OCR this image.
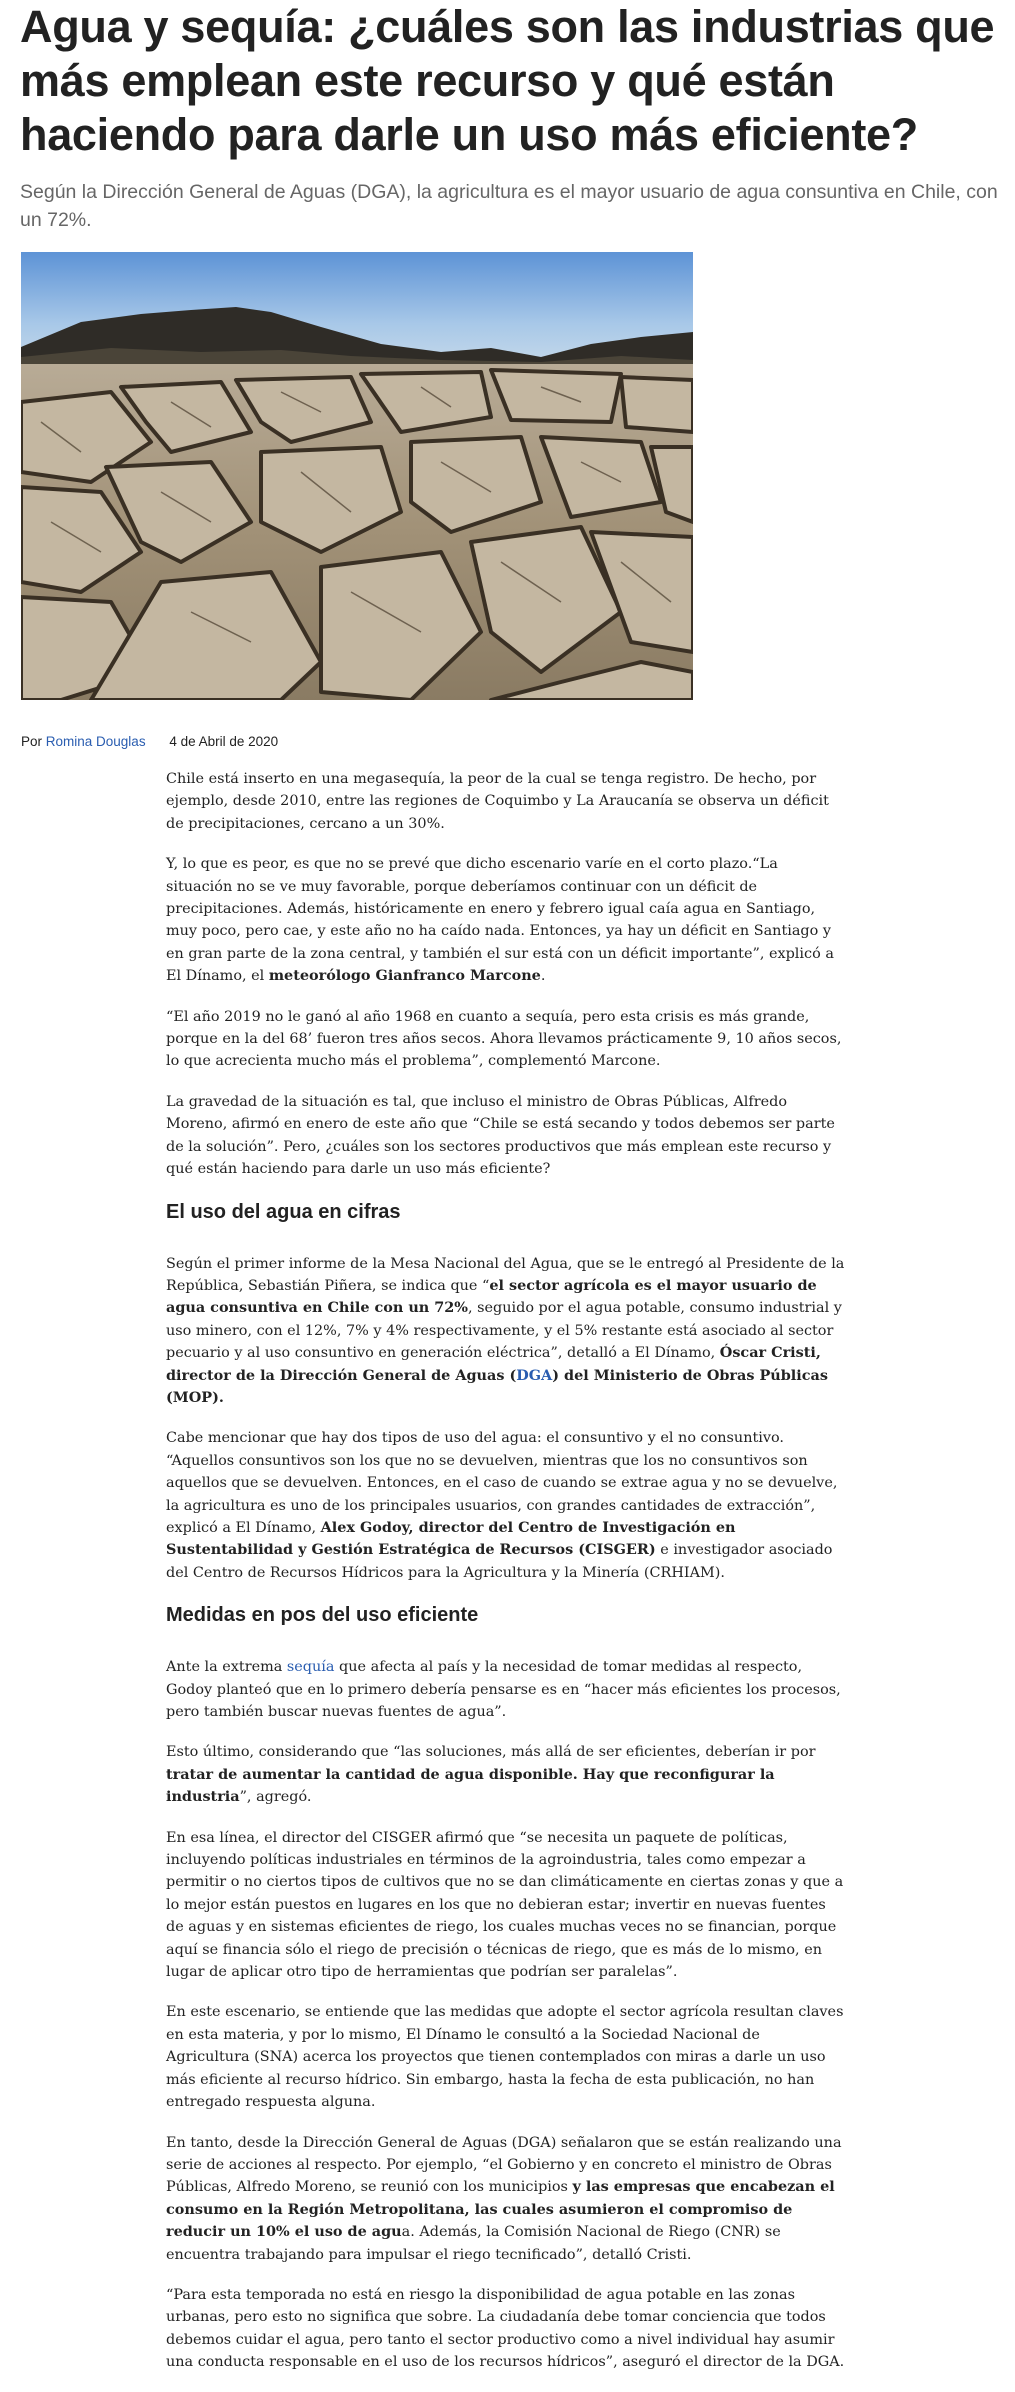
Agua y sequía: ¿cuáles son las industrias que más emplean este recurso y qué están haciendo para darle un uso más eficiente?

Según la Dirección General de Aguas (DGA), la agricultura es el mayor usuario de agua consuntiva en Chile, con un 72%.

Por Romina Douglas 4 de Abril de 2020

Chile está inserto en una megasequía, la peor de la cual se tenga registro. De hecho, por ejemplo, desde 2010, entre las regiones de Coquimbo y La Araucanía se observa un déficit de precipitaciones, cercano a un 30%.

Y, lo que es peor, es que no se prevé que dicho escenario varíe en el corto plazo.“La situación no se ve muy favorable, porque deberíamos continuar con un déficit de precipitaciones. Además, históricamente en enero y febrero igual caía agua en Santiago, muy poco, pero cae, y este año no ha caído nada. Entonces, ya hay un déficit en Santiago y en gran parte de la zona central, y también el sur está con un déficit importante”, explicó a El Dínamo, el meteorólogo Gianfranco Marcone.

“El año 2019 no le ganó al año 1968 en cuanto a sequía, pero esta crisis es más grande, porque en la del 68’ fueron tres años secos. Ahora llevamos prácticamente 9, 10 años secos, lo que acrecienta mucho más el problema”, complementó Marcone.

La gravedad de la situación es tal, que incluso el ministro de Obras Públicas, Alfredo Moreno, afirmó en enero de este año que “Chile se está secando y todos debemos ser parte de la solución”. Pero, ¿cuáles son los sectores productivos que más emplean este recurso y qué están haciendo para darle un uso más eficiente?

El uso del agua en cifras

Según el primer informe de la Mesa Nacional del Agua, que se le entregó al Presidente de la República, Sebastián Piñera, se indica que “el sector agrícola es el mayor usuario de agua consuntiva en Chile con un 72%, seguido por el agua potable, consumo industrial y uso minero, con el 12%, 7% y 4% respectivamente, y el 5% restante está asociado al sector pecuario y al uso consuntivo en generación eléctrica”, detalló a El Dínamo, Óscar Cristi, director de la Dirección General de Aguas (DGA) del Ministerio de Obras Públicas (MOP).

Cabe mencionar que hay dos tipos de uso del agua: el consuntivo y el no consuntivo. “Aquellos consuntivos son los que no se devuelven, mientras que los no consuntivos son aquellos que se devuelven. Entonces, en el caso de cuando se extrae agua y no se devuelve, la agricultura es uno de los principales usuarios, con grandes cantidades de extracción”, explicó a El Dínamo, Alex Godoy, director del Centro de Investigación en Sustentabilidad y Gestión Estratégica de Recursos (CISGER) e investigador asociado del Centro de Recursos Hídricos para la Agricultura y la Minería (CRHIAM).

Medidas en pos del uso eficiente

Ante la extrema sequía que afecta al país y la necesidad de tomar medidas al respecto, Godoy planteó que en lo primero debería pensarse es en “hacer más eficientes los procesos, pero también buscar nuevas fuentes de agua”.

Esto último, considerando que “las soluciones, más allá de ser eficientes, deberían ir por tratar de aumentar la cantidad de agua disponible. Hay que reconfigurar la industria”, agregó.

En esa línea, el director del CISGER afirmó que “se necesita un paquete de políticas, incluyendo políticas industriales en términos de la agroindustria, tales como empezar a permitir o no ciertos tipos de cultivos que no se dan climáticamente en ciertas zonas y que a lo mejor están puestos en lugares en los que no debieran estar; invertir en nuevas fuentes de aguas y en sistemas eficientes de riego, los cuales muchas veces no se financian, porque aquí se financia sólo el riego de precisión o técnicas de riego, que es más de lo mismo, en lugar de aplicar otro tipo de herramientas que podrían ser paralelas”.

En este escenario, se entiende que las medidas que adopte el sector agrícola resultan claves en esta materia, y por lo mismo, El Dínamo le consultó a la Sociedad Nacional de Agricultura (SNA) acerca los proyectos que tienen contemplados con miras a darle un uso más eficiente al recurso hídrico. Sin embargo, hasta la fecha de esta publicación, no han entregado respuesta alguna.

En tanto, desde la Dirección General de Aguas (DGA) señalaron que se están realizando una serie de acciones al respecto. Por ejemplo, “el Gobierno y en concreto el ministro de Obras Públicas, Alfredo Moreno, se reunió con los municipios y las empresas que encabezan el consumo en la Región Metropolitana, las cuales asumieron el compromiso de reducir un 10% el uso de agua. Además, la Comisión Nacional de Riego (CNR) se encuentra trabajando para impulsar el riego tecnificado”, detalló Cristi.

“Para esta temporada no está en riesgo la disponibilidad de agua potable en las zonas urbanas, pero esto no significa que sobre. La ciudadanía debe tomar conciencia que todos debemos cuidar el agua, pero tanto el sector productivo como a nivel individual hay asumir una conducta responsable en el uso de los recursos hídricos”, aseguró el director de la DGA.
